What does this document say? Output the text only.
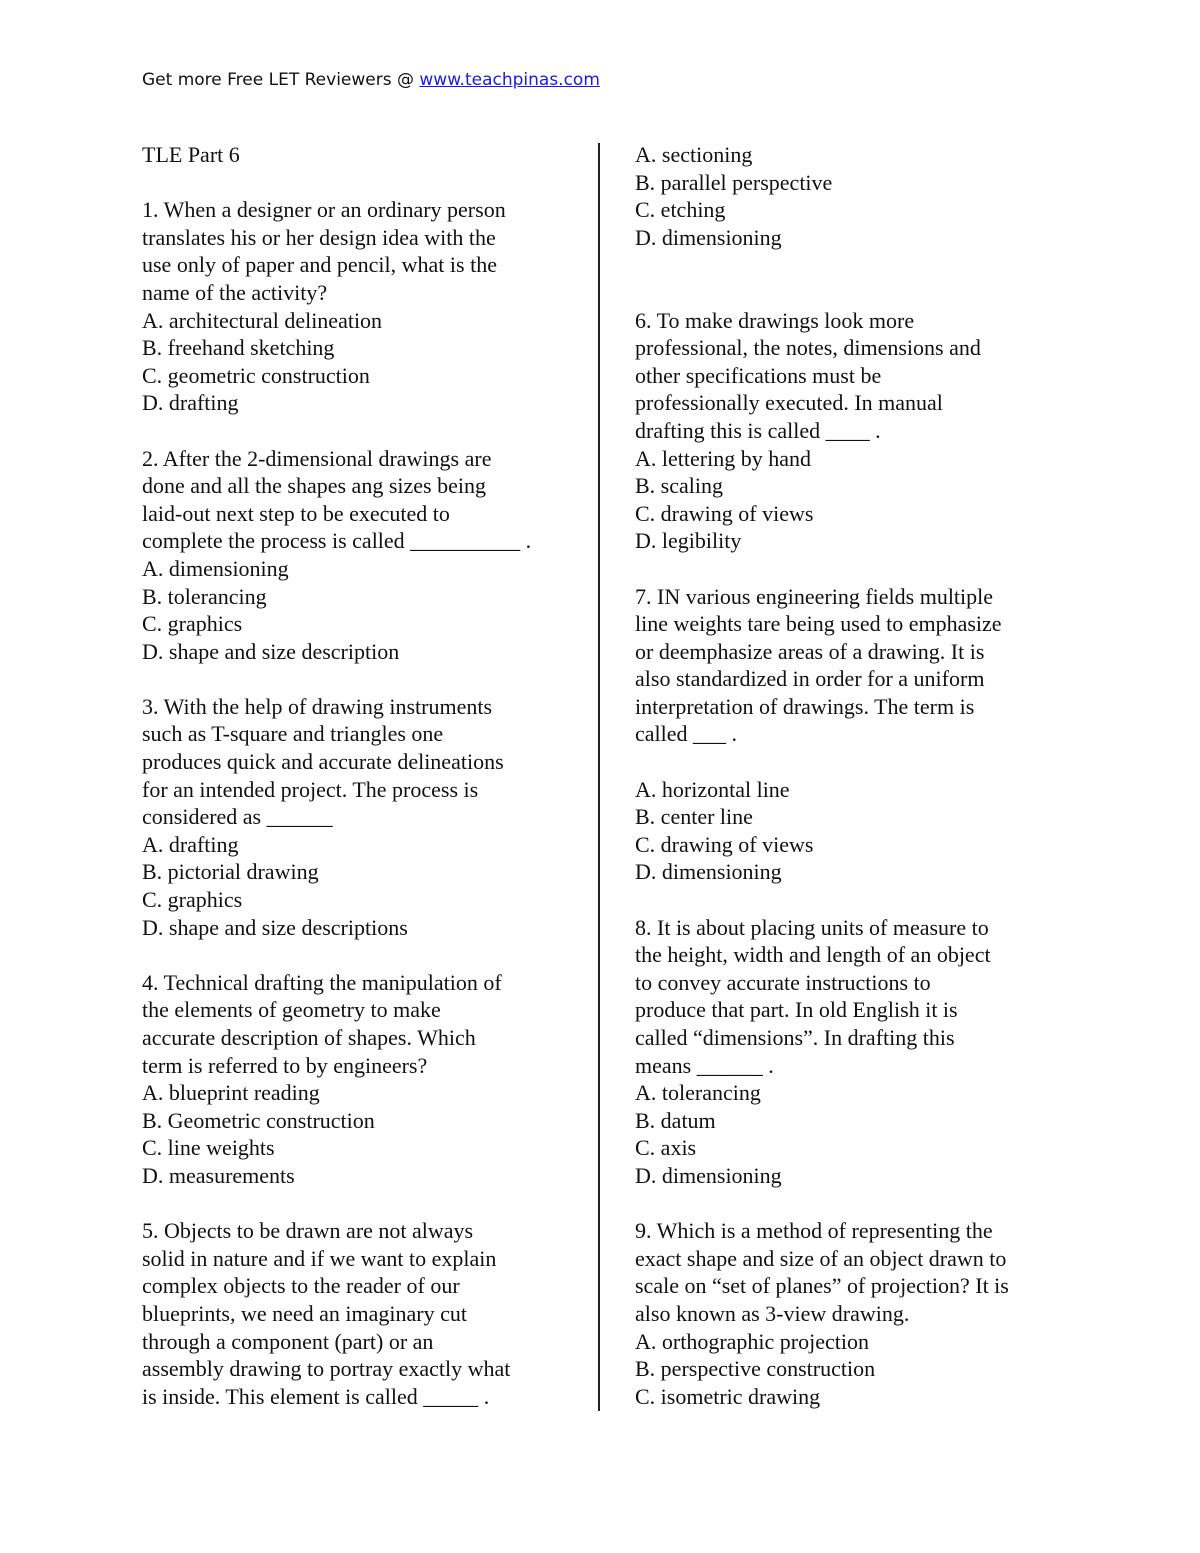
Get more Free LET Reviewers @ www.teachpinas.com
TLE Part 6
1. When a designer or an ordinary person
translates his or her design idea with the
use only of paper and pencil, what is the
name of the activity?
A. architectural delineation
B. freehand sketching
C. geometric construction
D. drafting
2. After the 2-dimensional drawings are
done and all the shapes ang sizes being
laid-out next step to be executed to
complete the process is called __________ .
A. dimensioning
B. tolerancing
C. graphics
D. shape and size description
3. With the help of drawing instruments
such as T-square and triangles one
produces quick and accurate delineations
for an intended project. The process is
considered as ______
A. drafting
B. pictorial drawing
C. graphics
D. shape and size descriptions
4. Technical drafting the manipulation of
the elements of geometry to make
accurate description of shapes. Which
term is referred to by engineers?
A. blueprint reading
B. Geometric construction
C. line weights
D. measurements
5. Objects to be drawn are not always
solid in nature and if we want to explain
complex objects to the reader of our
blueprints, we need an imaginary cut
through a component (part) or an
assembly drawing to portray exactly what
is inside. This element is called _____ .
A. sectioning
B. parallel perspective
C. etching
D. dimensioning
6. To make drawings look more
professional, the notes, dimensions and
other specifications must be
professionally executed. In manual
drafting this is called ____ .
A. lettering by hand
B. scaling
C. drawing of views
D. legibility
7. IN various engineering fields multiple
line weights tare being used to emphasize
or deemphasize areas of a drawing. It is
also standardized in order for a uniform
interpretation of drawings. The term is
called ___ .
A. horizontal line
B. center line
C. drawing of views
D. dimensioning
8. It is about placing units of measure to
the height, width and length of an object
to convey accurate instructions to
produce that part. In old English it is
called “dimensions”. In drafting this
means ______ .
A. tolerancing
B. datum
C. axis
D. dimensioning
9. Which is a method of representing the
exact shape and size of an object drawn to
scale on “set of planes” of projection? It is
also known as 3-view drawing.
A. orthographic projection
B. perspective construction
C. isometric drawing
